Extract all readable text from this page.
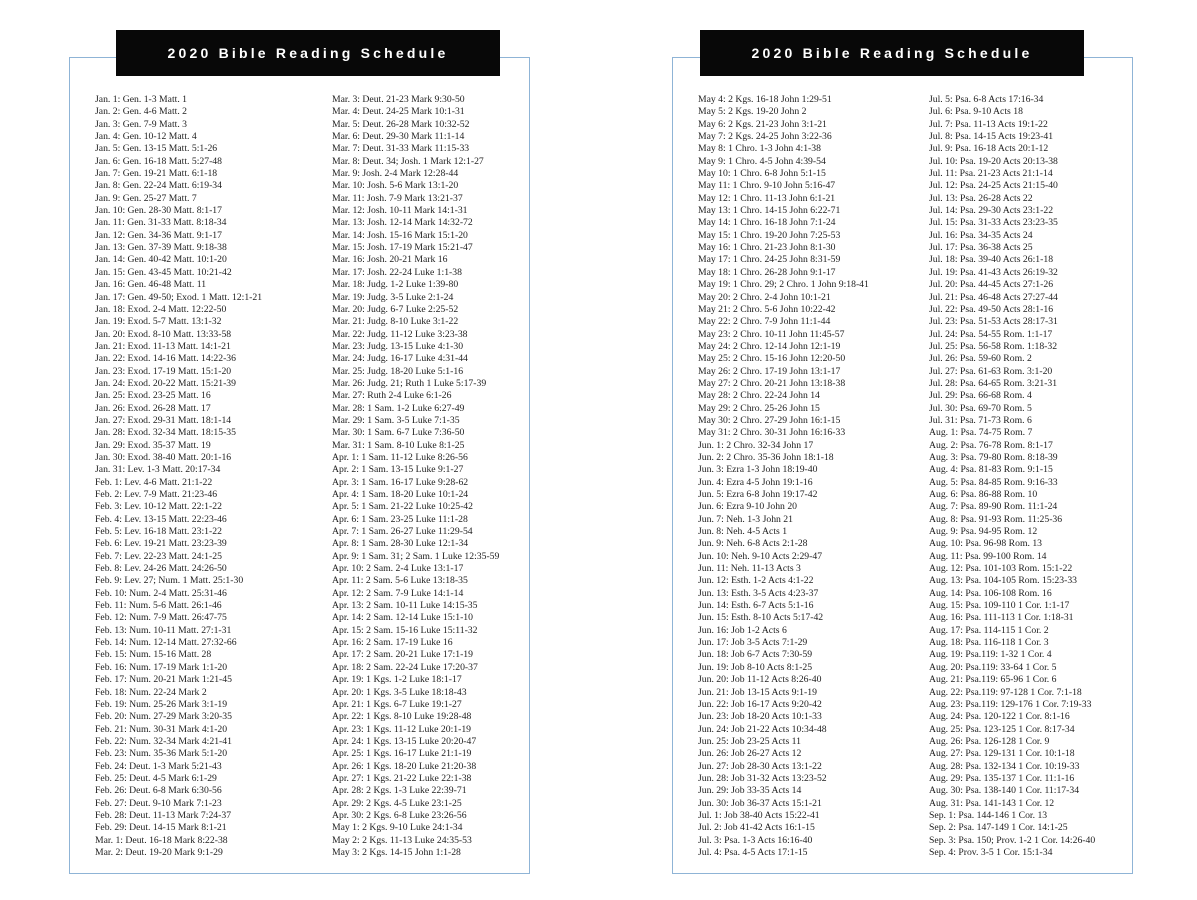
Jan. 1: Gen. 1-3 Matt. 1
Jan. 2: Gen. 4-6 Matt. 2
Jan. 3: Gen. 7-9 Matt. 3
Jan. 4: Gen. 10-12 Matt. 4
Jan. 5: Gen. 13-15 Matt. 5:1-26
Jan. 6: Gen. 16-18 Matt. 5:27-48
Jan. 7: Gen. 19-21 Matt. 6:1-18
Jan. 8: Gen. 22-24 Matt. 6:19-34
Jan. 9: Gen. 25-27 Matt. 7
Jan. 10: Gen. 28-30 Matt. 8:1-17
Jan. 11: Gen. 31-33 Matt. 8:18-34
Jan. 12: Gen. 34-36 Matt. 9:1-17
Jan. 13: Gen. 37-39 Matt. 9:18-38
Jan. 14: Gen. 40-42 Matt. 10:1-20
Jan. 15: Gen. 43-45 Matt. 10:21-42
Jan. 16: Gen. 46-48 Matt. 11
Jan. 17: Gen. 49-50; Exod. 1 Matt. 12:1-21
Jan. 18: Exod. 2-4 Matt. 12:22-50
Jan. 19: Exod. 5-7 Matt. 13:1-32
Jan. 20: Exod. 8-10 Matt. 13:33-58
Jan. 21: Exod. 11-13 Matt. 14:1-21
Jan. 22: Exod. 14-16 Matt. 14:22-36
Jan. 23: Exod. 17-19 Matt. 15:1-20
Jan. 24: Exod. 20-22 Matt. 15:21-39
Jan. 25: Exod. 23-25 Matt. 16
Jan. 26: Exod. 26-28 Matt. 17
Jan. 27: Exod. 29-31 Matt. 18:1-14
Jan. 28: Exod. 32-34 Matt. 18:15-35
Jan. 29: Exod. 35-37 Matt. 19
Jan. 30: Exod. 38-40 Matt. 20:1-16
Jan. 31: Lev. 1-3 Matt. 20:17-34
Feb. 1: Lev. 4-6 Matt. 21:1-22
Feb. 2: Lev. 7-9 Matt. 21:23-46
Feb. 3: Lev. 10-12 Matt. 22:1-22
Feb. 4: Lev. 13-15 Matt. 22:23-46
Feb. 5: Lev. 16-18 Matt. 23:1-22
Feb. 6: Lev. 19-21 Matt. 23:23-39
Feb. 7: Lev. 22-23 Matt. 24:1-25
Feb. 8: Lev. 24-26 Matt. 24:26-50
Feb. 9: Lev. 27; Num. 1 Matt. 25:1-30
Feb. 10: Num. 2-4 Matt. 25:31-46
Feb. 11: Num. 5-6 Matt. 26:1-46
Feb. 12: Num. 7-9 Matt. 26:47-75
Feb. 13: Num. 10-11 Matt. 27:1-31
Feb. 14: Num. 12-14 Matt. 27:32-66
Feb. 15: Num. 15-16 Matt. 28
Feb. 16: Num. 17-19 Mark 1:1-20
Feb. 17: Num. 20-21 Mark 1:21-45
Feb. 18: Num. 22-24 Mark 2
Feb. 19: Num. 25-26 Mark 3:1-19
Feb. 20: Num. 27-29 Mark 3:20-35
Feb. 21: Num. 30-31 Mark 4:1-20
Feb. 22: Num. 32-34 Mark 4:21-41
Feb. 23: Num. 35-36 Mark 5:1-20
Feb. 24: Deut. 1-3 Mark 5:21-43
Feb. 25: Deut. 4-5 Mark 6:1-29
Feb. 26: Deut. 6-8 Mark 6:30-56
Feb. 27: Deut. 9-10 Mark 7:1-23
Feb. 28: Deut. 11-13 Mark 7:24-37
Feb. 29: Deut. 14-15 Mark 8:1-21
Mar. 1: Deut. 16-18 Mark 8:22-38
Mar. 2: Deut. 19-20 Mark 9:1-29
Mar. 3: Deut. 21-23 Mark 9:30-50
Mar. 4: Deut. 24-25 Mark 10:1-31
Mar. 5: Deut. 26-28 Mark 10:32-52
Mar. 6: Deut. 29-30 Mark 11:1-14
Mar. 7: Deut. 31-33 Mark 11:15-33
Mar. 8: Deut. 34; Josh. 1 Mark 12:1-27
Mar. 9: Josh. 2-4 Mark 12:28-44
Mar. 10: Josh. 5-6 Mark 13:1-20
Mar. 11: Josh. 7-9 Mark 13:21-37
Mar. 12: Josh. 10-11 Mark 14:1-31
Mar. 13: Josh. 12-14 Mark 14:32-72
Mar. 14: Josh. 15-16 Mark 15:1-20
Mar. 15: Josh. 17-19 Mark 15:21-47
Mar. 16: Josh. 20-21 Mark 16
Mar. 17: Josh. 22-24 Luke 1:1-38
Mar. 18: Judg. 1-2 Luke 1:39-80
Mar. 19: Judg. 3-5 Luke 2:1-24
Mar. 20: Judg. 6-7 Luke 2:25-52
Mar. 21: Judg. 8-10 Luke 3:1-22
Mar. 22: Judg. 11-12 Luke 3:23-38
Mar. 23: Judg. 13-15 Luke 4:1-30
Mar. 24: Judg. 16-17 Luke 4:31-44
Mar. 25: Judg. 18-20 Luke 5:1-16
Mar. 26: Judg. 21; Ruth 1 Luke 5:17-39
Mar. 27: Ruth 2-4 Luke 6:1-26
Mar. 28: 1 Sam. 1-2 Luke 6:27-49
Mar. 29: 1 Sam. 3-5 Luke 7:1-35
Mar. 30: 1 Sam. 6-7 Luke 7:36-50
Mar. 31: 1 Sam. 8-10 Luke 8:1-25
Apr. 1: 1 Sam. 11-12 Luke 8:26-56
Apr. 2: 1 Sam. 13-15 Luke 9:1-27
Apr. 3: 1 Sam. 16-17 Luke 9:28-62
Apr. 4: 1 Sam. 18-20 Luke 10:1-24
Apr. 5: 1 Sam. 21-22 Luke 10:25-42
Apr. 6: 1 Sam. 23-25 Luke 11:1-28
Apr. 7: 1 Sam. 26-27 Luke 11:29-54
Apr. 8: 1 Sam. 28-30 Luke 12:1-34
Apr. 9: 1 Sam. 31; 2 Sam. 1 Luke 12:35-59
Apr. 10: 2 Sam. 2-4 Luke 13:1-17
Apr. 11: 2 Sam. 5-6 Luke 13:18-35
Apr. 12: 2 Sam. 7-9 Luke 14:1-14
Apr. 13: 2 Sam. 10-11 Luke 14:15-35
Apr. 14: 2 Sam. 12-14 Luke 15:1-10
Apr. 15: 2 Sam. 15-16 Luke 15:11-32
Apr. 16: 2 Sam. 17-19 Luke 16
Apr. 17: 2 Sam. 20-21 Luke 17:1-19
Apr. 18: 2 Sam. 22-24 Luke 17:20-37
Apr. 19: 1 Kgs. 1-2 Luke 18:1-17
Apr. 20: 1 Kgs. 3-5 Luke 18:18-43
Apr. 21: 1 Kgs. 6-7 Luke 19:1-27
Apr. 22: 1 Kgs. 8-10 Luke 19:28-48
Apr. 23: 1 Kgs. 11-12 Luke 20:1-19
Apr. 24: 1 Kgs. 13-15 Luke 20:20-47
Apr. 25: 1 Kgs. 16-17 Luke 21:1-19
Apr. 26: 1 Kgs. 18-20 Luke 21:20-38
Apr. 27: 1 Kgs. 21-22 Luke 22:1-38
Apr. 28: 2 Kgs. 1-3 Luke 22:39-71
Apr. 29: 2 Kgs. 4-5 Luke 23:1-25
Apr. 30: 2 Kgs. 6-8 Luke 23:26-56
May 1: 2 Kgs. 9-10 Luke 24:1-34
May 2: 2 Kgs. 11-13 Luke 24:35-53
May 3: 2 Kgs. 14-15 John 1:1-28
2020 Bible Reading Schedule
May 4: 2 Kgs. 16-18 John 1:29-51
May 5: 2 Kgs. 19-20 John 2
May 6: 2 Kgs. 21-23 John 3:1-21
May 7: 2 Kgs. 24-25 John 3:22-36
May 8: 1 Chro. 1-3 John 4:1-38
May 9: 1 Chro. 4-5 John 4:39-54
May 10: 1 Chro. 6-8 John 5:1-15
May 11: 1 Chro. 9-10 John 5:16-47
May 12: 1 Chro. 11-13 John 6:1-21
May 13: 1 Chro. 14-15 John 6:22-71
May 14: 1 Chro. 16-18 John 7:1-24
May 15: 1 Chro. 19-20 John 7:25-53
May 16: 1 Chro. 21-23 John 8:1-30
May 17: 1 Chro. 24-25 John 8:31-59
May 18: 1 Chro. 26-28 John 9:1-17
May 19: 1 Chro. 29; 2 Chro. 1 John 9:18-41
May 20: 2 Chro. 2-4 John 10:1-21
May 21: 2 Chro. 5-6 John 10:22-42
May 22: 2 Chro. 7-9 John 11:1-44
May 23: 2 Chro. 10-11 John 11:45-57
May 24: 2 Chro. 12-14 John 12:1-19
May 25: 2 Chro. 15-16 John 12:20-50
May 26: 2 Chro. 17-19 John 13:1-17
May 27: 2 Chro. 20-21 John 13:18-38
May 28: 2 Chro. 22-24 John 14
May 29: 2 Chro. 25-26 John 15
May 30: 2 Chro. 27-29 John 16:1-15
May 31: 2 Chro. 30-31 John 16:16-33
Jun. 1: 2 Chro. 32-34 John 17
Jun. 2: 2 Chro. 35-36 John 18:1-18
Jun. 3: Ezra 1-3 John 18:19-40
Jun. 4: Ezra 4-5 John 19:1-16
Jun. 5: Ezra 6-8 John 19:17-42
Jun. 6: Ezra 9-10 John 20
Jun. 7: Neh. 1-3 John 21
Jun. 8: Neh. 4-5 Acts 1
Jun. 9: Neh. 6-8 Acts 2:1-28
Jun. 10: Neh. 9-10 Acts 2:29-47
Jun. 11: Neh. 11-13 Acts 3
Jun. 12: Esth. 1-2 Acts 4:1-22
Jun. 13: Esth. 3-5 Acts 4:23-37
Jun. 14: Esth. 6-7 Acts 5:1-16
Jun. 15: Esth. 8-10 Acts 5:17-42
Jun. 16: Job 1-2 Acts 6
Jun. 17: Job 3-5 Acts 7:1-29
Jun. 18: Job 6-7 Acts 7:30-59
Jun. 19: Job 8-10 Acts 8:1-25
Jun. 20: Job 11-12 Acts 8:26-40
Jun. 21: Job 13-15 Acts 9:1-19
Jun. 22: Job 16-17 Acts 9:20-42
Jun. 23: Job 18-20 Acts 10:1-33
Jun. 24: Job 21-22 Acts 10:34-48
Jun. 25: Job 23-25 Acts 11
Jun. 26: Job 26-27 Acts 12
Jun. 27: Job 28-30 Acts 13:1-22
Jun. 28: Job 31-32 Acts 13:23-52
Jun. 29: Job 33-35 Acts 14
Jun. 30: Job 36-37 Acts 15:1-21
Jul. 1: Job 38-40 Acts 15:22-41
Jul. 2: Job 41-42 Acts 16:1-15
Jul. 3: Psa. 1-3 Acts 16:16-40
Jul. 4: Psa. 4-5 Acts 17:1-15
Jul. 5: Psa. 6-8 Acts 17:16-34
Jul. 6: Psa. 9-10 Acts 18
Jul. 7: Psa. 11-13 Acts 19:1-22
Jul. 8: Psa. 14-15 Acts 19:23-41
Jul. 9: Psa. 16-18 Acts 20:1-12
Jul. 10: Psa. 19-20 Acts 20:13-38
Jul. 11: Psa. 21-23 Acts 21:1-14
Jul. 12: Psa. 24-25 Acts 21:15-40
Jul. 13: Psa. 26-28 Acts 22
Jul. 14: Psa. 29-30 Acts 23:1-22
Jul. 15: Psa. 31-33 Acts 23:23-35
Jul. 16: Psa. 34-35 Acts 24
Jul. 17: Psa. 36-38 Acts 25
Jul. 18: Psa. 39-40 Acts 26:1-18
Jul. 19: Psa. 41-43 Acts 26:19-32
Jul. 20: Psa. 44-45 Acts 27:1-26
Jul. 21: Psa. 46-48 Acts 27:27-44
Jul. 22: Psa. 49-50 Acts 28:1-16
Jul. 23: Psa. 51-53 Acts 28:17-31
Jul. 24: Psa. 54-55 Rom. 1:1-17
Jul. 25: Psa. 56-58 Rom. 1:18-32
Jul. 26: Psa. 59-60 Rom. 2
Jul. 27: Psa. 61-63 Rom. 3:1-20
Jul. 28: Psa. 64-65 Rom. 3:21-31
Jul. 29: Psa. 66-68 Rom. 4
Jul. 30: Psa. 69-70 Rom. 5
Jul. 31: Psa. 71-73 Rom. 6
Aug. 1: Psa. 74-75 Rom. 7
Aug. 2: Psa. 76-78 Rom. 8:1-17
Aug. 3: Psa. 79-80 Rom. 8:18-39
Aug. 4: Psa. 81-83 Rom. 9:1-15
Aug. 5: Psa. 84-85 Rom. 9:16-33
Aug. 6: Psa. 86-88 Rom. 10
Aug. 7: Psa. 89-90 Rom. 11:1-24
Aug. 8: Psa. 91-93 Rom. 11:25-36
Aug. 9: Psa. 94-95 Rom. 12
Aug. 10: Psa. 96-98 Rom. 13
Aug. 11: Psa. 99-100 Rom. 14
Aug. 12: Psa. 101-103 Rom. 15:1-22
Aug. 13: Psa. 104-105 Rom. 15:23-33
Aug. 14: Psa. 106-108 Rom. 16
Aug. 15: Psa. 109-110 1 Cor. 1:1-17
Aug. 16: Psa. 111-113 1 Cor. 1:18-31
Aug. 17: Psa. 114-115 1 Cor. 2
Aug. 18: Psa. 116-118 1 Cor. 3
Aug. 19: Psa.119: 1-32 1 Cor. 4
Aug. 20: Psa.119: 33-64 1 Cor. 5
Aug. 21: Psa.119: 65-96 1 Cor. 6
Aug. 22: Psa.119: 97-128 1 Cor. 7:1-18
Aug. 23: Psa.119: 129-176 1 Cor. 7:19-33
Aug. 24: Psa. 120-122 1 Cor. 8:1-16
Aug. 25: Psa. 123-125 1 Cor. 8:17-34
Aug. 26: Psa. 126-128 1 Cor. 9
Aug. 27: Psa. 129-131 1 Cor. 10:1-18
Aug. 28: Psa. 132-134 1 Cor. 10:19-33
Aug. 29: Psa. 135-137 1 Cor. 11:1-16
Aug. 30: Psa. 138-140 1 Cor. 11:17-34
Aug. 31: Psa. 141-143 1 Cor. 12
Sep. 1: Psa. 144-146 1 Cor. 13
Sep. 2: Psa. 147-149 1 Cor. 14:1-25
Sep. 3: Psa. 150; Prov. 1-2 1 Cor. 14:26-40
Sep. 4: Prov. 3-5 1 Cor. 15:1-34
2020 Bible Reading Schedule
